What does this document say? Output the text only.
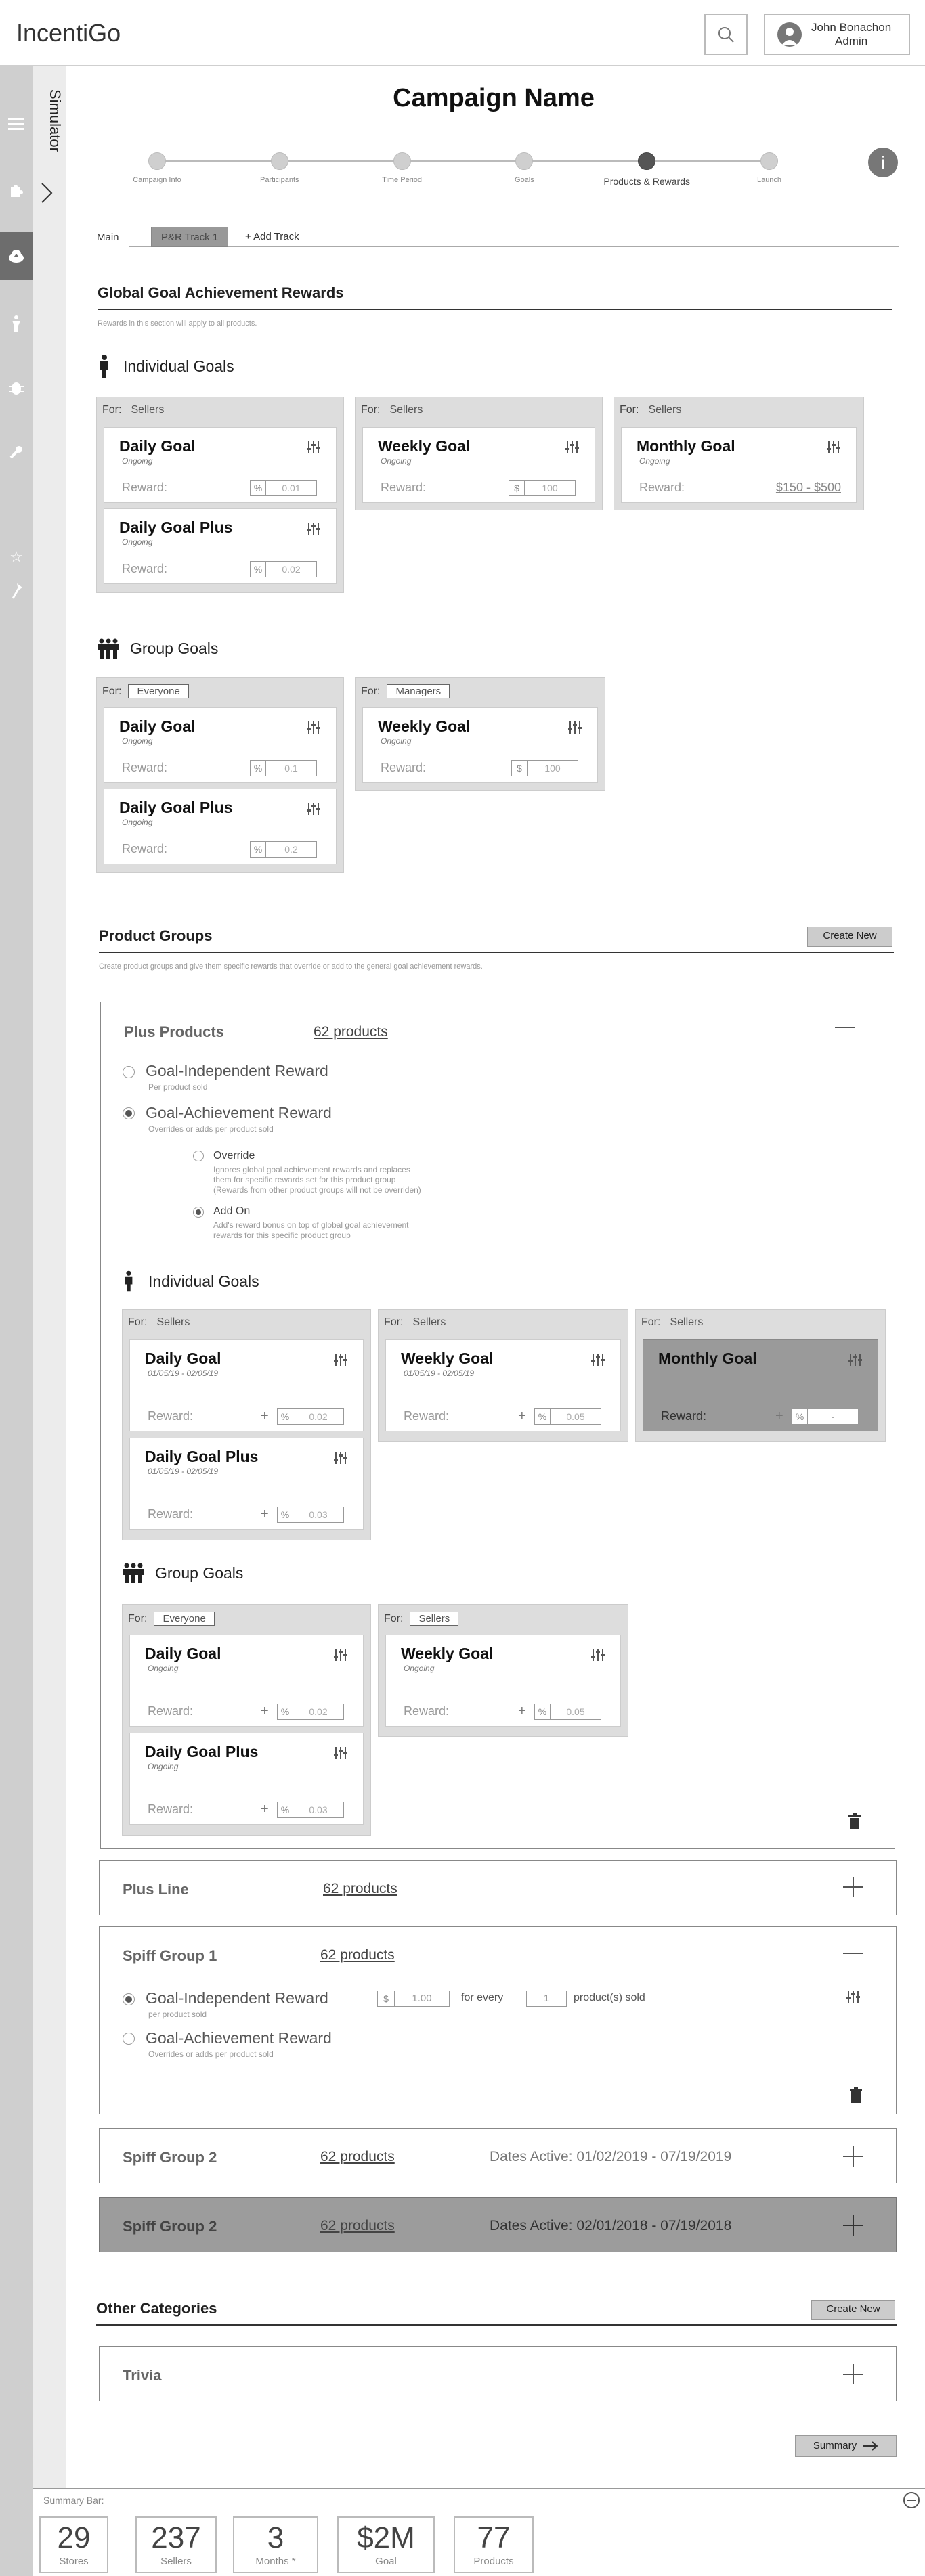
IncentiGo	John Bonachon
Admin
☆
Simulator	Campaign Name
i
Main	P&R Track 1	+ Add Track
Global Goal Achievement Rewards
Rewards in this section will apply to all products.
Individual Goals
Group Goals
Product Groups	Create New
Create product groups and give them specific rewards that override or add to the general goal achievement rewards.
Plus Products	62 products
Goal-Independent Reward
Per product sold
Goal-Achievement Reward
Overrides or adds per product sold
Override
Ignores global goal achievement rewards and replaces
them for specific rewards set for this product group
(Rewards from other product groups will not be overriden)
Add On
Add's reward bonus on top of global goal achievement
rewards for this specific product group
Individual Goals
Group Goals
Plus Line	62 products
Spiff Group 1	62 products
Goal-Independent Reward
per product sold
$	1.00	for every	1	product(s) sold
Goal-Achievement Reward
Overrides or adds per product sold
Spiff Group 2	62 products	Dates Active: 01/02/2019 - 07/19/2019
Spiff Group 2	62 products	Dates Active: 02/01/2018 - 07/19/2018
Other Categories	Create New
Trivia
Summary
Summary Bar:
Campaign Info	Participants	Time Period	Goals	Products & Rewards	Launch
For: Sellers
Daily Goal
Ongoing
Reward:	%	0.01
Daily Goal Plus
Ongoing
Reward:	%	0.02
For: Sellers
Weekly Goal
Ongoing
Reward:	$	100
For: Sellers
Monthly Goal
Ongoing
Reward:	$150 - $500
For:	Everyone
Daily Goal
Ongoing
Reward:	%	0.1
Daily Goal Plus
Ongoing
Reward:	%	0.2
For:	Managers
Weekly Goal
Ongoing
Reward:	$	100
For: Sellers
Daily Goal
01/05/19 - 02/05/19
Reward:	+	%	0.02
Daily Goal Plus
01/05/19 - 02/05/19
Reward:	+	%	0.03
For: Sellers
Weekly Goal
01/05/19 - 02/05/19
Reward:	+	%	0.05
For: Sellers
Monthly Goal
Reward:	+	%	-
For:	Everyone
Daily Goal
Ongoing
Reward:	+	%	0.02
Daily Goal Plus
Ongoing
Reward:	+	%	0.03
For:	Sellers
Weekly Goal
Ongoing
Reward:	+	%	0.05
29
Stores
237
Sellers
3
Months *
$2M
Goal
77
Products
